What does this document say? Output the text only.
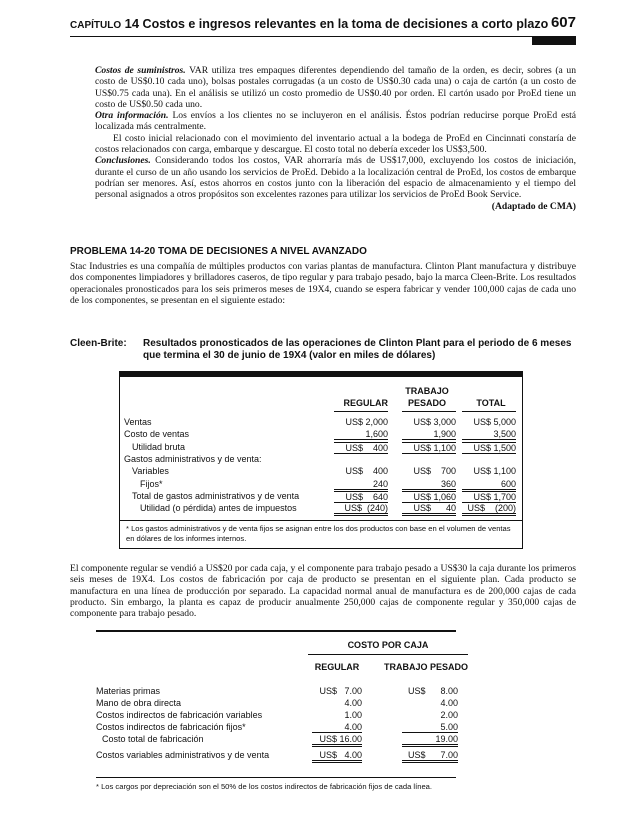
CAPÍTULO 14 Costos e ingresos relevantes en la toma de decisiones a corto plazo 607

Costos de suministros. VAR utiliza tres empaques diferentes dependiendo del tamaño de la orden, es decir, sobres (a un costo de US$0.10 cada uno), bolsas postales corrugadas (a un costo de US$0.30 cada una) o caja de cartón (a un costo de US$0.75 cada una). En el análisis se utilizó un costo promedio de US$0.40 por orden. El cartón usado por ProEd tiene un costo de US$0.50 cada uno.

Otra información. Los envíos a los clientes no se incluyeron en el análisis. Éstos podrían reducirse porque ProEd está localizada más centralmente.

El costo inicial relacionado con el movimiento del inventario actual a la bodega de ProEd en Cincinnati constaría de costos relacionados con carga, embarque y descargue. El costo total no debería exceder los US$3,500.

Conclusiones. Considerando todos los costos, VAR ahorraría más de US$17,000, excluyendo los costos de iniciación, durante el curso de un año usando los servicios de ProEd. Debido a la localización central de ProEd, los costos de embarque podrían ser menores. Así, estos ahorros en costos junto con la liberación del espacio de almacenamiento y el tiempo del personal asignados a otros propósitos son excelentes razones para utilizar los servicios de ProEd Book Service.
(Adaptado de CMA)

PROBLEMA 14-20 TOMA DE DECISIONES A NIVEL AVANZADO
Stac Industries es una compañía de múltiples productos con varias plantas de manufactura. Clinton Plant manufactura y distribuye dos componentes limpiadores y brilladores caseros, de tipo regular y para trabajo pesado, bajo la marca Cleen-Brite. Los resultados operacionales pronosticados para los seis primeros meses de 19X4, cuando se espera fabricar y vender 100,000 cajas de cada uno de los componentes, se presentan en el siguiente estado:
Cleen-Brite: Resultados pronosticados de las operaciones de Clinton Plant para el periodo de 6 meses que termina el 30 de junio de 19X4 (valor en miles de dólares)
REGULAR
TRABAJO
PESADO	TOTAL
Ventas	US$ 2,000	US$ 3,000	US$ 5,000
Costo de ventas	1,600	1,900	3,500
Utilidad bruta	US$    400	US$ 1,100	US$ 1,500
Gastos administrativos y de venta:
Variables	US$    400	US$    700	US$ 1,100
Fijos*	240	360	600
Total de gastos administrativos y de venta	US$    640	US$ 1,060	US$ 1,700
Utilidad (o pérdida) antes de impuestos	US$  (240)	US$      40	US$    (200)
* Los gastos administrativos y de venta fijos se asignan entre los dos productos con base en el volumen de ventas en dólares de los informes internos.
El componente regular se vendió a US$20 por cada caja, y el componente para trabajo pesado a US$30 la caja durante los primeros seis meses de 19X4. Los costos de fabricación por caja de producto se presentan en el siguiente plan. Cada producto se manufactura en una línea de producción por separado. La capacidad normal anual de manufactura es de 200,000 cajas de cada producto. Sin embargo, la planta es capaz de producir anualmente 250,000 cajas de componente regular y 350,000 cajas de componente para trabajo pesado.
COSTO POR CAJA
REGULAR	TRABAJO PESADO
Materias primas	US$   7.00	US$      8.00
Mano de obra directa	4.00	4.00
Costos indirectos de fabricación variables	1.00	2.00
Costos indirectos de fabricación fijos*	4.00	5.00
Costo total de fabricación	US$ 16.00	19.00
Costos variables administrativos y de venta	US$   4.00	US$      7.00
* Los cargos por depreciación son el 50% de los costos indirectos de fabricación fijos de cada línea.
